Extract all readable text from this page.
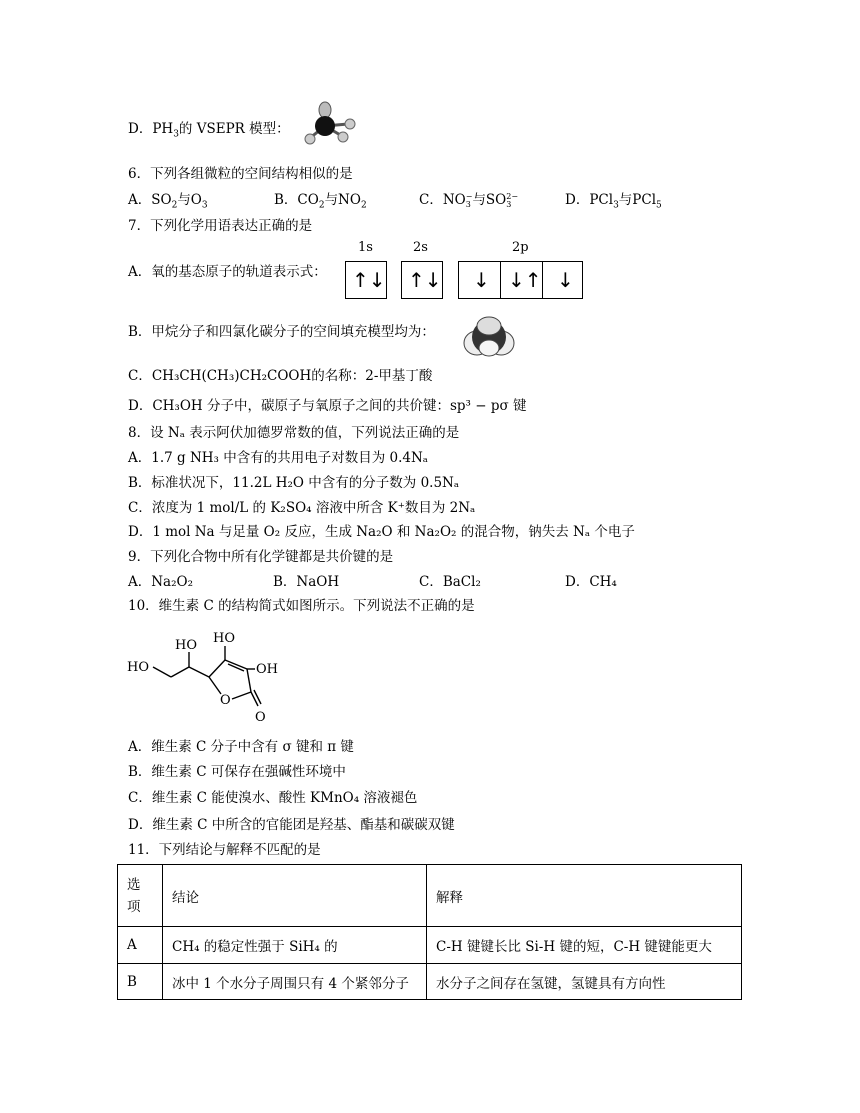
D．$PH_3$的 VSEPR 模型：
6．下列各组微粒的空间结构相似的是
A．$SO_2$与$O_3$	B．$CO_2$与$NO_2$	C．NO −
3 与SO 2−
3	D．PCl$_3$与PCl$_5$
7．下列化学用语表达正确的是
A．氧的基态原子的轨道表示式：
1s	2s	2p
↑↓ ↑↓ ↓ ↓↑ ↓
B．甲烷分子和四氯化碳分子的空间填充模型均为：
C．CH₃CH(CH₃)CH₂COOH的名称：2-甲基丁酸
D．CH₃OH 分子中，碳原子与氧原子之间的共价键：sp³ − pσ 键
8．设 Nₐ 表示阿伏加德罗常数的值，下列说法正确的是
A．1.7 g NH₃ 中含有的共用电子对数目为 0.4Nₐ
B．标准状况下，11.2L H₂O 中含有的分子数为 0.5Nₐ
C．浓度为 1 mol/L 的 K₂SO₄ 溶液中所含 K⁺数目为 2Nₐ
D．1 mol Na 与足量 O₂ 反应，生成 Na₂O 和 Na₂O₂ 的混合物，钠失去 Nₐ 个电子
9．下列化合物中所有化学键都是共价键的是
A．Na₂O₂	B．NaOH	C．BaCl₂	D．CH₄
10．维生素 C 的结构简式如图所示。下列说法不正确的是
HO
HO HO
OH
O
O
A．维生素 C 分子中含有 σ 键和 π 键
B．维生素 C 可保存在强碱性环境中
C．维生素 C 能使溴水、酸性 KMnO₄ 溶液褪色
D．维生素 C 中所含的官能团是羟基、酯基和碳碳双键
11．下列结论与解释不匹配的是
选
项	结论	解释
A	CH₄ 的稳定性强于 SiH₄ 的	C-H 键键长比 Si-H 键的短，C-H 键键能更大
B	冰中 1 个水分子周围只有 4 个紧邻分子	水分子之间存在氢键，氢键具有方向性
